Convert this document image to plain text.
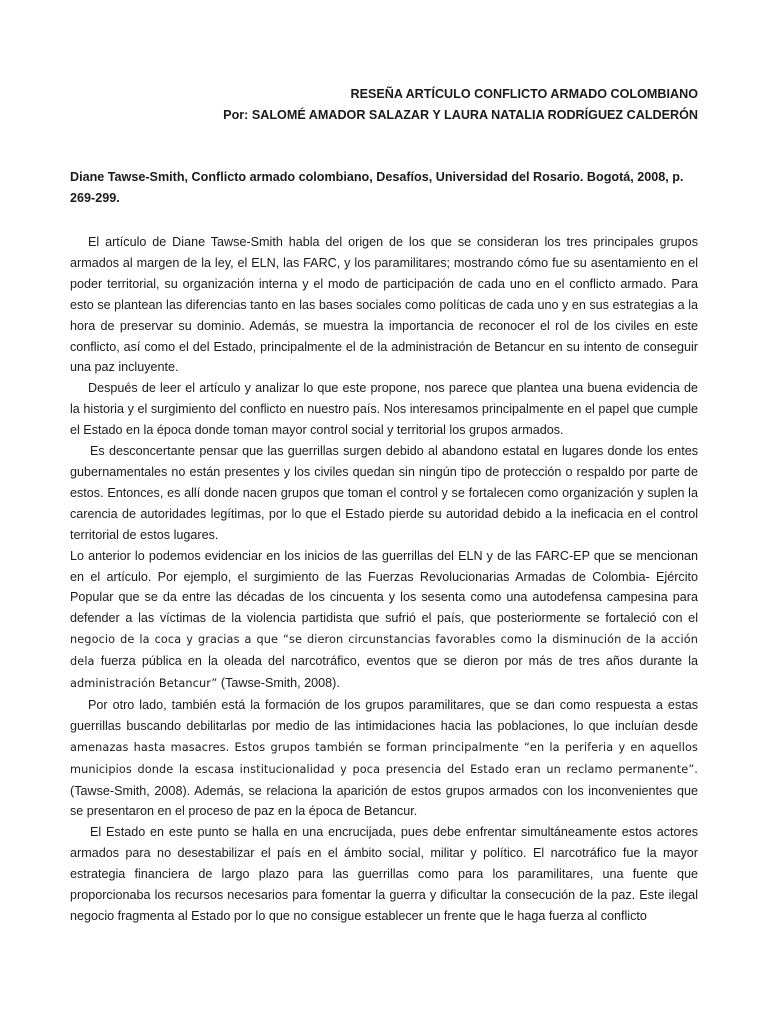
RESEÑA ARTÍCULO CONFLICTO ARMADO COLOMBIANO
Por: SALOMÉ AMADOR SALAZAR Y LAURA NATALIA RODRÍGUEZ CALDERÓN
Diane Tawse-Smith, Conflicto armado colombiano, Desafíos, Universidad del Rosario. Bogotá, 2008, p. 269-299.

El artículo de Diane Tawse-Smith habla del origen de los que se consideran los tres principales grupos armados al margen de la ley, el ELN, las FARC, y los paramilitares; mostrando cómo fue su asentamiento en el poder territorial, su organización interna y el modo de participación de cada uno en el conflicto armado. Para esto se plantean las diferencias tanto en las bases sociales como políticas de cada uno y en sus estrategias a la hora de preservar su dominio. Además, se muestra la importancia de reconocer el rol de los civiles en este conflicto, así como el del Estado, principalmente el de la administración de Betancur en su intento de conseguir una paz incluyente.

Después de leer el artículo y analizar lo que este propone, nos parece que plantea una buena evidencia de la historia y el surgimiento del conflicto en nuestro país. Nos interesamos principalmente en el papel que cumple el Estado en la época donde toman mayor control social y territorial los grupos armados.

Es desconcertante pensar que las guerrillas surgen debido al abandono estatal en lugares donde los entes gubernamentales no están presentes y los civiles quedan sin ningún tipo de protección o respaldo por parte de estos. Entonces, es allí donde nacen grupos que toman el control y se fortalecen como organización y suplen la carencia de autoridades legítimas, por lo que el Estado pierde su autoridad debido a la ineficacia en el control territorial de estos lugares.

Lo anterior lo podemos evidenciar en los inicios de las guerrillas del ELN y de las FARC-EP que se mencionan en el artículo. Por ejemplo, el surgimiento de las Fuerzas Revolucionarias Armadas de Colombia- Ejército Popular que se da entre las décadas de los cincuenta y los sesenta como una autodefensa campesina para defender a las víctimas de la violencia partidista que sufrió el país, que posteriormente se fortaleció con el negocio de la coca y gracias a que “se dieron circunstancias favorables como la disminución de la acción dela fuerza pública en la oleada del narcotráfico, eventos que se dieron por más de tres años durante la administración Betancur” (Tawse-Smith, 2008).

Por otro lado, también está la formación de los grupos paramilitares, que se dan como respuesta a estas guerrillas buscando debilitarlas por medio de las intimidaciones hacia las poblaciones, lo que incluían desde amenazas hasta masacres. Estos grupos también se forman principalmente “en la periferia y en aquellos municipios donde la escasa institucionalidad y poca presencia del Estado eran un reclamo permanente”. (Tawse-Smith, 2008). Además, se relaciona la aparición de estos grupos armados con los inconvenientes que se presentaron en el proceso de paz en la época de Betancur.

El Estado en este punto se halla en una encrucijada, pues debe enfrentar simultáneamente estos actores armados para no desestabilizar el país en el ámbito social, militar y político. El narcotráfico fue la mayor estrategia financiera de largo plazo para las guerrillas como para los paramilitares, una fuente que proporcionaba los recursos necesarios para fomentar la guerra y dificultar la consecución de la paz. Este ilegal negocio fragmenta al Estado por lo que no consigue establecer un frente que le haga fuerza al conflicto
